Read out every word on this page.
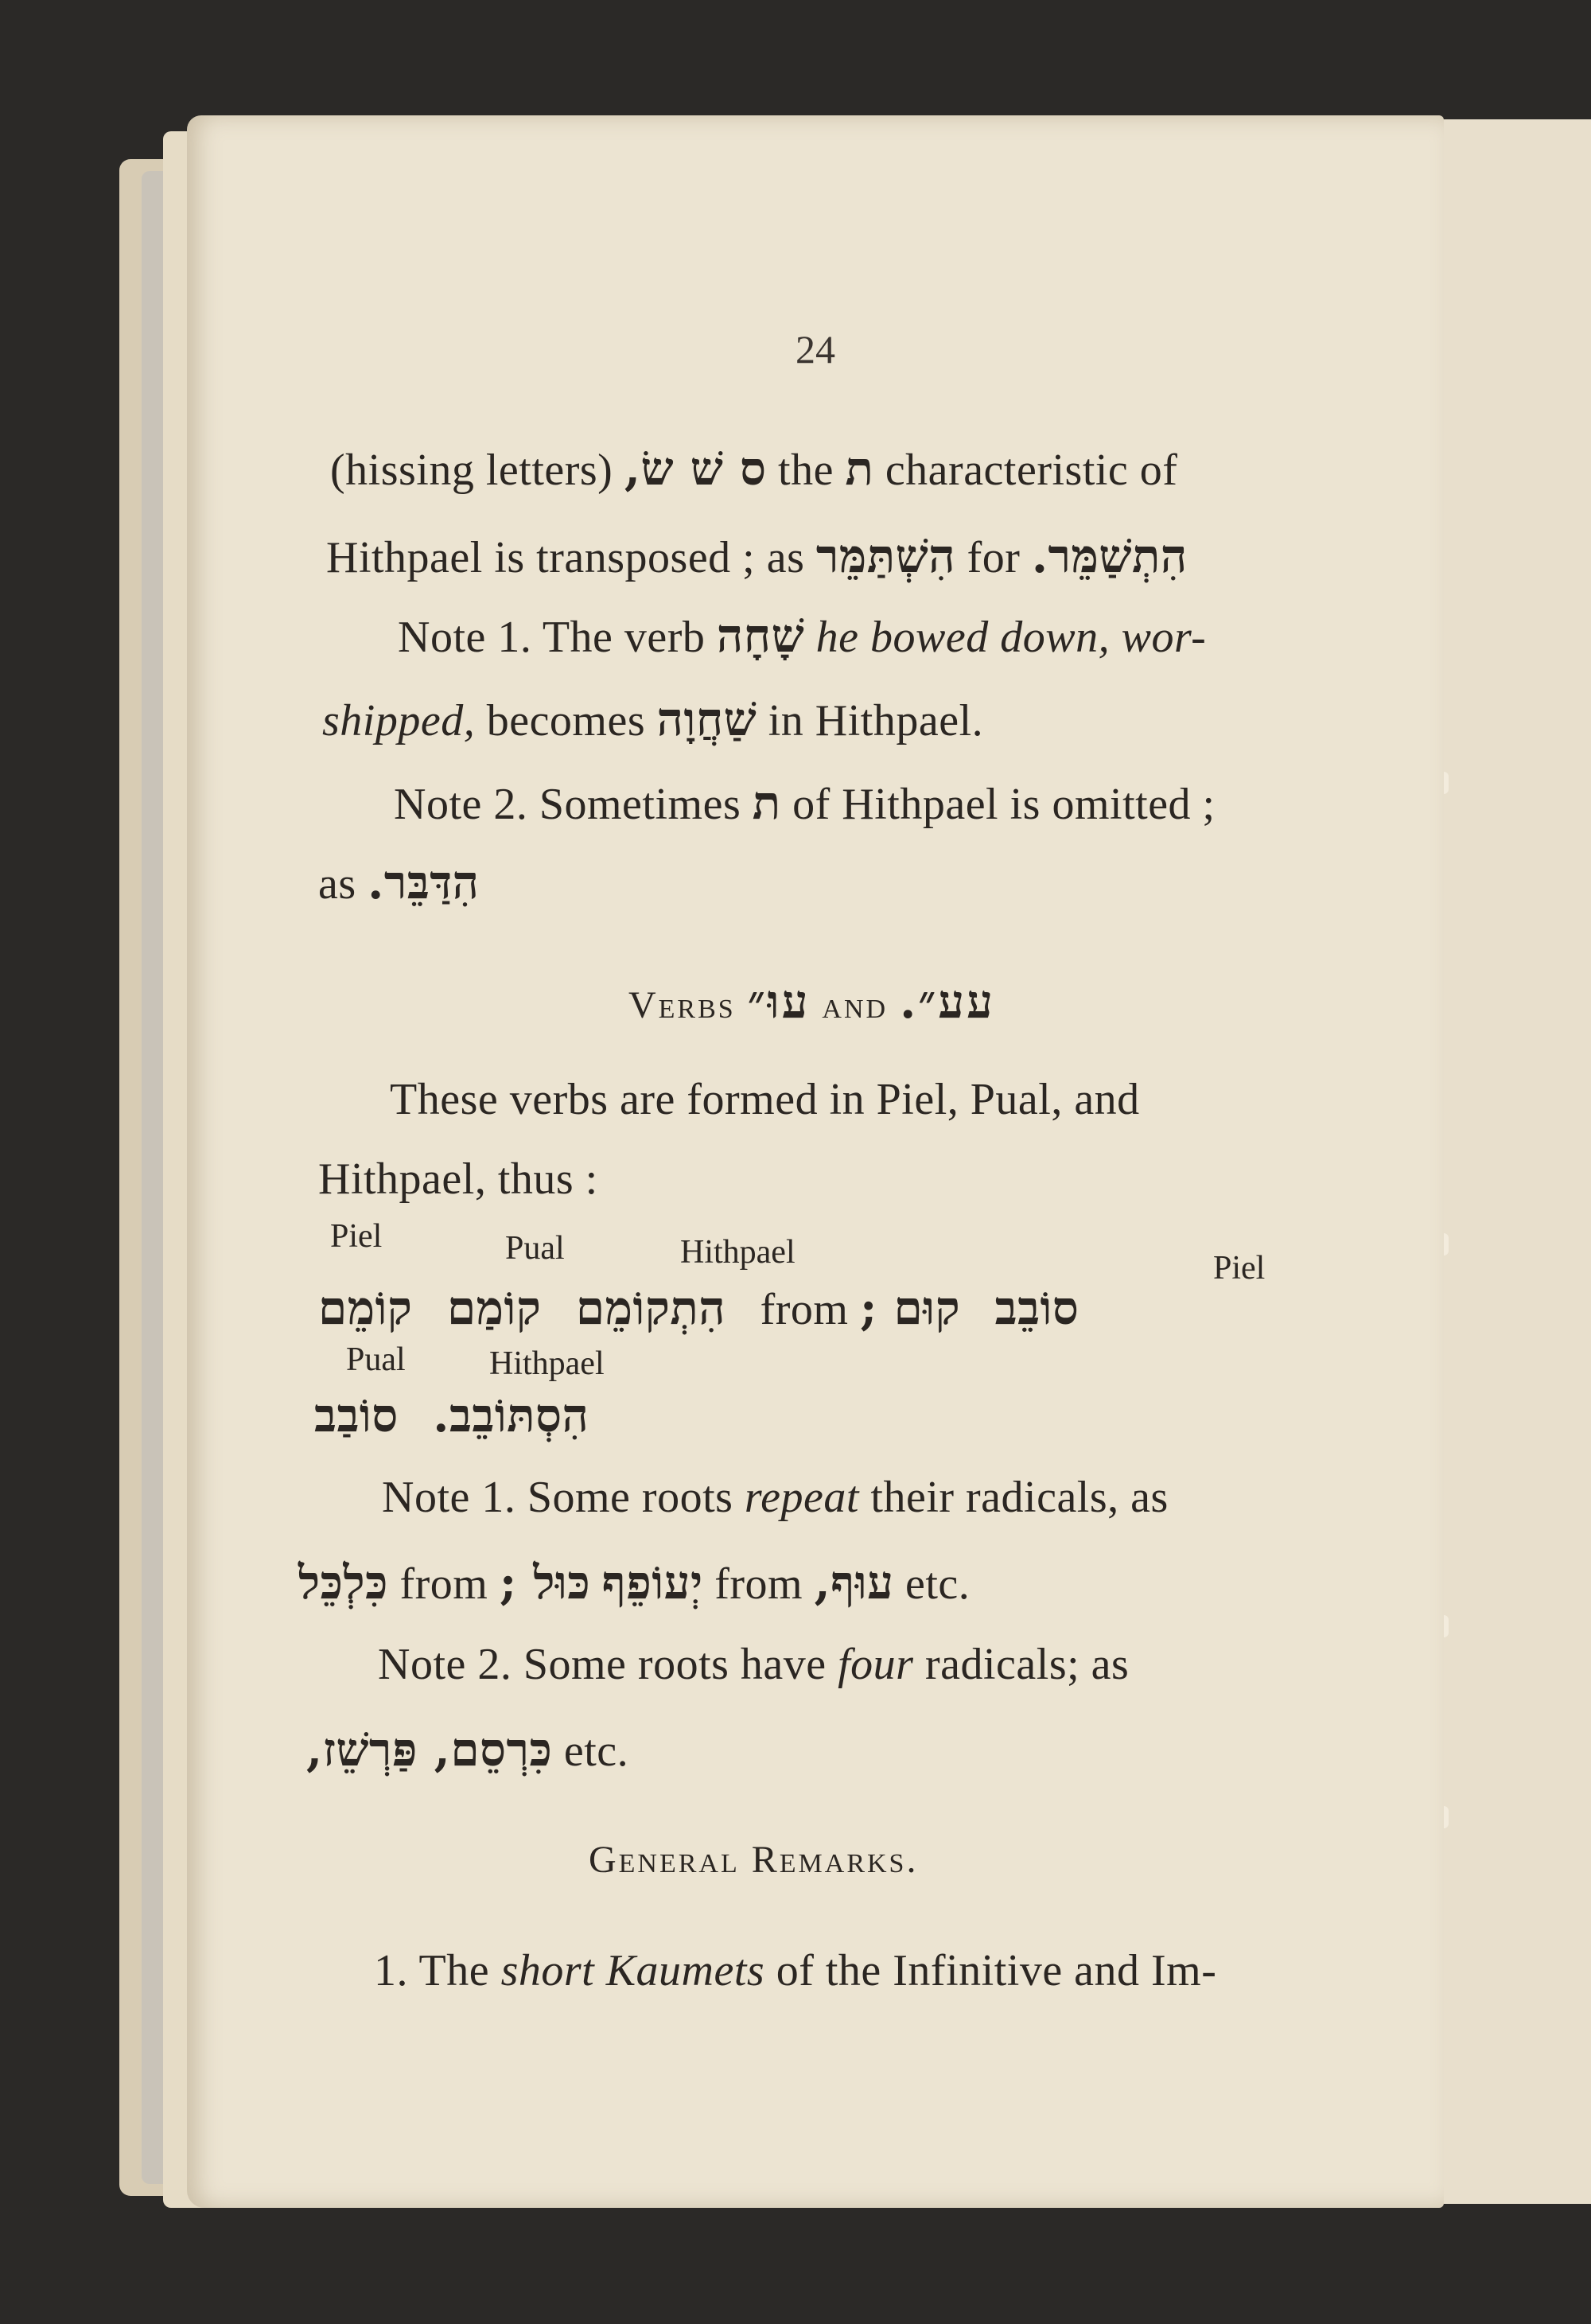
24
(hissing letters) ס שׁ שׂ, the ת characteristic of
Hithpael is transposed ; as הִשְׁתַּמֵּר for הִתְשַׁמֵּר.
Note 1. The verb שָׁחָה he bowed down, wor-
shipped, becomes שַׁחֲוָה in Hithpael.
Note 2. Sometimes ת of Hithpael is omitted ;
as הִדַּבֵּר.
Verbs עוּ״ and עע״.
These verbs are formed in Piel, Pual, and
Hithpael, thus :
Piel	Pual	Hithpael	Piel
קוֹמֵם קוֹמַם הִתְקוֹמֵם from קוּם ; סוֹבֵב
Pual	Hithpael
סוֹבַב הִסְתּוֹבֵב.
Note 1. Some roots repeat their radicals, as
כִּלְכֵּל from כּוּל ; יְעוֹפֵף from עוּף, etc.
Note 2. Some roots have four radicals; as
כִּרְסֵם, פַּרְשֵׁז, etc.
General Remarks.
1. The short Kaumets of the Infinitive and Im-
